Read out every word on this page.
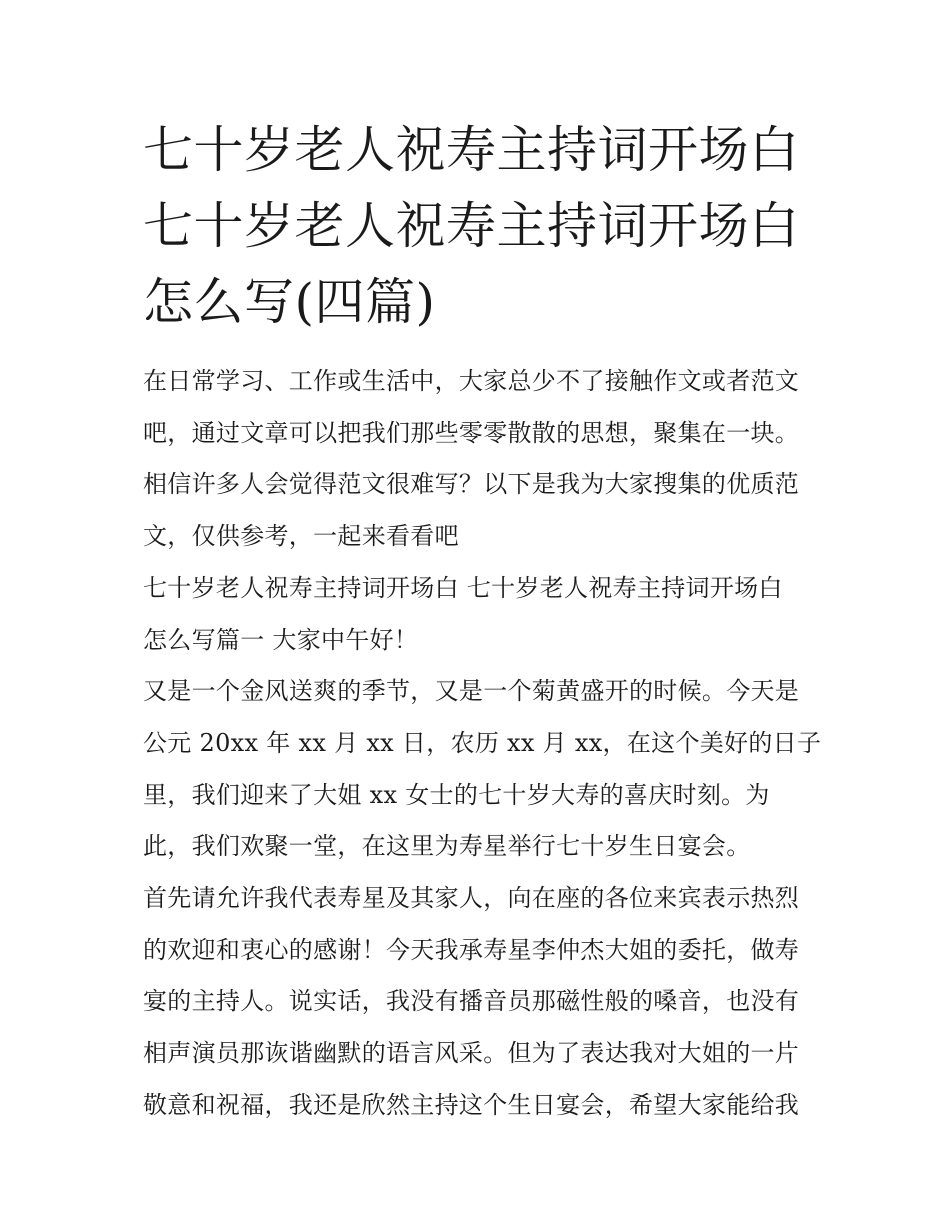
七十岁老人祝寿主持词开场白
七十岁老人祝寿主持词开场白
怎么写(四篇)
在日常学习、工作或生活中，大家总少不了接触作文或者范文
吧，通过文章可以把我们那些零零散散的思想，聚集在一块。
相信许多人会觉得范文很难写？以下是我为大家搜集的优质范
文，仅供参考，一起来看看吧
七十岁老人祝寿主持词开场白 七十岁老人祝寿主持词开场白
怎么写篇一 大家中午好！
又是一个金风送爽的季节，又是一个菊黄盛开的时候。今天是
公元 20xx 年 xx 月 xx 日，农历 xx 月 xx，在这个美好的日子
里，我们迎来了大姐 xx 女士的七十岁大寿的喜庆时刻。为
此，我们欢聚一堂，在这里为寿星举行七十岁生日宴会。
首先请允许我代表寿星及其家人，向在座的各位来宾表示热烈
的欢迎和衷心的感谢！今天我承寿星李仲杰大姐的委托，做寿
宴的主持人。说实话，我没有播音员那磁性般的嗓音，也没有
相声演员那诙谐幽默的语言风采。但为了表达我对大姐的一片
敬意和祝福，我还是欣然主持这个生日宴会，希望大家能给我
